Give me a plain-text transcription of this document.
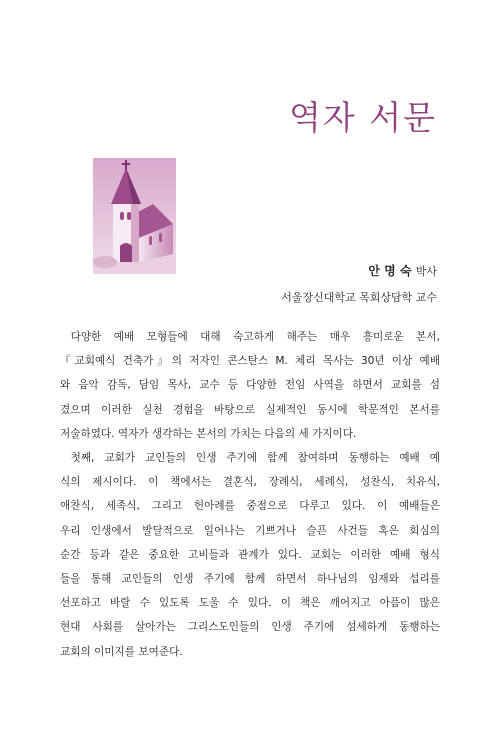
역자 서문
안 명 숙 박사
서울장신대학교 목회상담학 교수

다양한 예배 모형들에 대해 숙고하게 해주는 매우 흥미로운 본서,
『교회예식 건축가』의 저자인 콘스탄스 M. 체리 목사는 30년 이상 예배
와 음악 감독, 담임 목사, 교수 등 다양한 전임 사역을 하면서 교회를 섬
겼으며 이러한 실천 경험을 바탕으로 실제적인 동시에 학문적인 본서를
저술하였다. 역자가 생각하는 본서의 가치는 다음의 세 가지이다.

첫째, 교회가 교인들의 인생 주기에 함께 참여하며 동행하는 예배 예
식의 제시이다. 이 책에서는 결혼식, 장례식, 세례식, 성찬식, 치유식,
애찬식, 세족식, 그리고 헌아례를 중점으로 다루고 있다. 이 예배들은
우리 인생에서 발달적으로 일어나는 기쁘거나 슬픈 사건들 혹은 회심의
순간 등과 같은 중요한 고비들과 관계가 있다. 교회는 이러한 예배 형식
들을 통해 교인들의 인생 주기에 함께 하면서 하나님의 임재와 섭리를
선포하고 바랄 수 있도록 도울 수 있다. 이 책은 깨어지고 아픔이 많은
현대 사회를 살아가는 그리스도인들의 인생 주기에 섬세하게 동행하는
교회의 이미지를 보여준다.
